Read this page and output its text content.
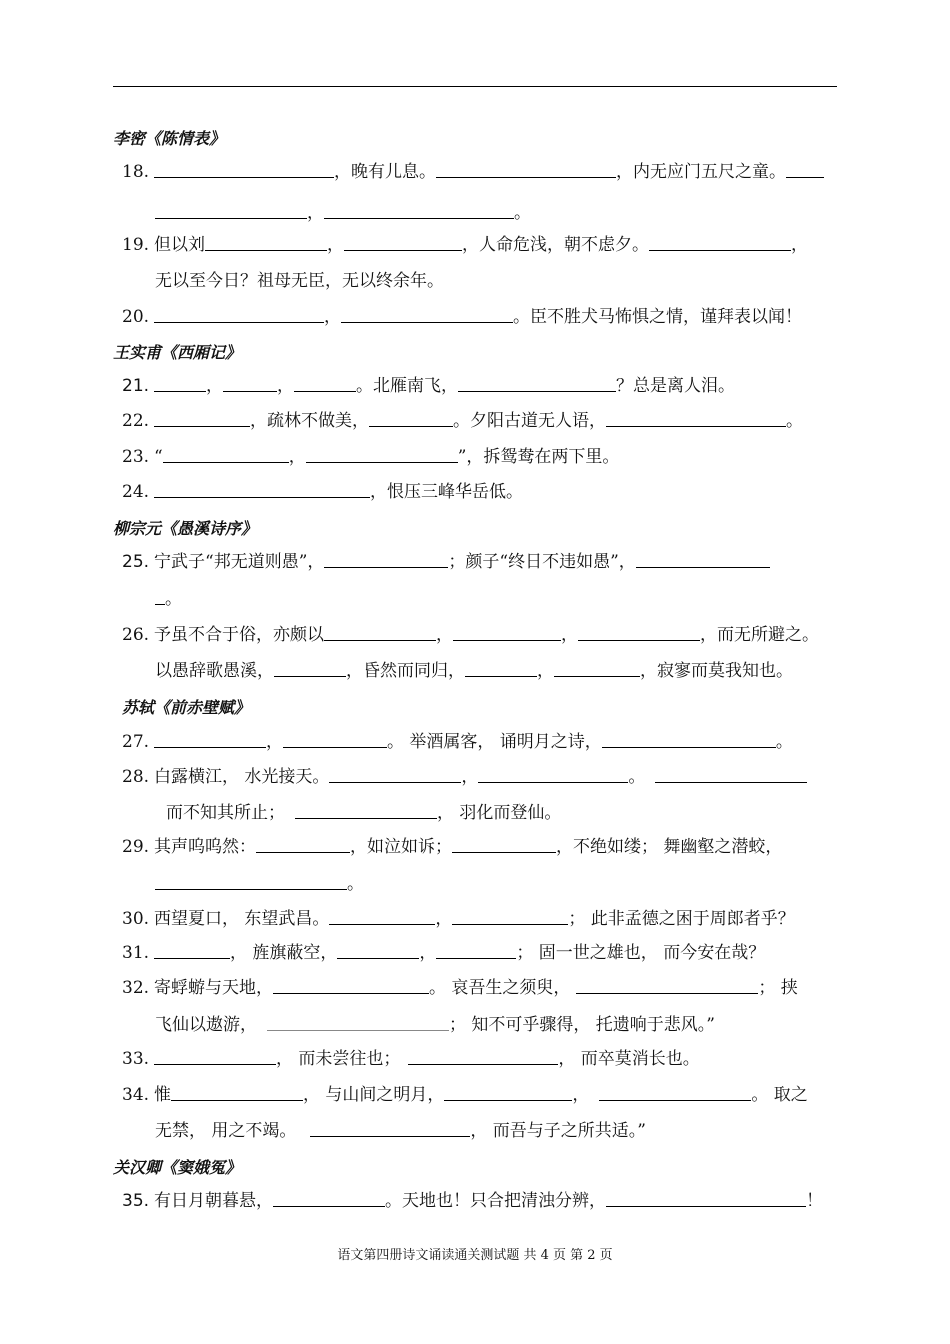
李密《陈情表》
18.	，晚有儿息。	，内无应门五尺之童。
，	。
19. 但以刘	，	，人命危浅，朝不虑夕。	，
无以至今日？祖母无臣，无以终余年。
20.	，	。臣不胜犬马怖惧之情，谨拜表以闻！
王实甫《西厢记》
21.	，	，	。北雁南飞，	？总是离人泪。
22.	，疏林不做美，	。夕阳古道无人语，	。
23. “	，	”，拆鸳鸯在两下里。
24.	，恨压三峰华岳低。
柳宗元《愚溪诗序》
25. 宁武子“邦无道则愚”，	；颜子“终日不违如愚”，
。
26. 予虽不合于俗，亦颇以	，	，	，而无所避之。
以愚辞歌愚溪，	，昏然而同归，	，	，寂寥而莫我知也。
苏轼《前赤壁赋》
27.	，	。 举酒属客， 诵明月之诗，	。
28. 白露横江， 水光接天。	，	。
而不知其所止；	， 羽化而登仙。
29. 其声呜呜然：	，如泣如诉；	，不绝如缕； 舞幽壑之潜蛟，
。
30. 西望夏口， 东望武昌。	，	； 此非孟德之困于周郎者乎？
31.	， 旌旗蔽空，	，	； 固一世之雄也， 而今安在哉？
32. 寄蜉蝣与天地，	。 哀吾生之须臾，	； 挟
飞仙以遨游，	； 知不可乎骤得， 托遗响于悲风。”
33.	， 而未尝往也；	， 而卒莫消长也。
34. 惟	， 与山间之明月，	，	。 取之
无禁， 用之不竭。	， 而吾与子之所共适。”
关汉卿《窦娥冤》
35. 有日月朝暮悬，	。天地也！只合把清浊分辨，	！
语文第四册诗文诵读通关测试题 共 4 页 第 2 页
